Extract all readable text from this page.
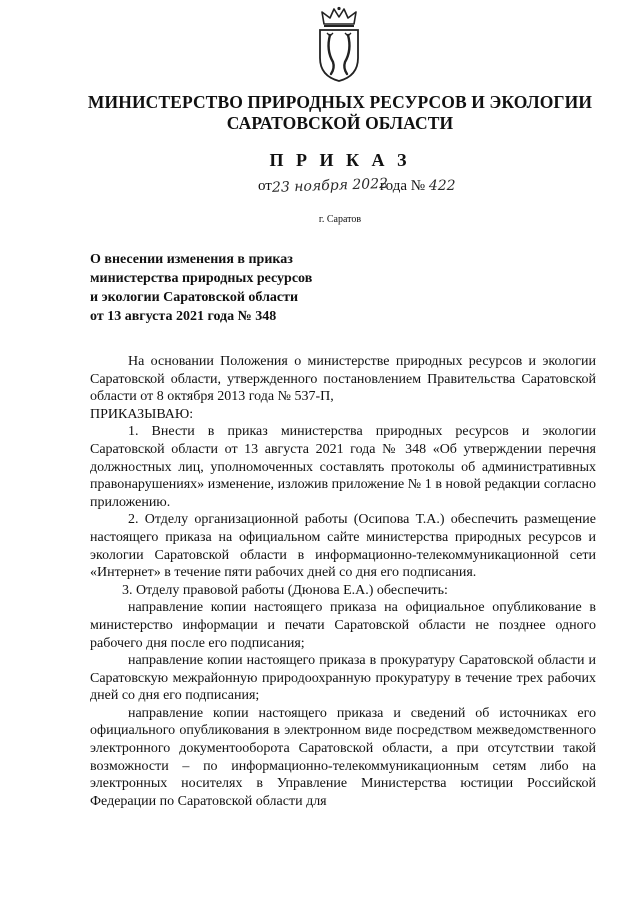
МИНИСТЕРСТВО ПРИРОДНЫХ РЕСУРСОВ И ЭКОЛОГИИ
САРАТОВСКОЙ ОБЛАСТИ
П Р И К А З
от23 ноября 2022года № 422
г. Саратов
О внесении изменения в приказ
министерства природных ресурсов
и экологии Саратовской области
от 13 августа 2021 года № 348

На основании Положения о министерстве природных ресурсов и экологии Саратовской области, утвержденного постановлением Правительства Саратовской области от 8 октября 2013 года № 537-П,

ПРИКАЗЫВАЮ:

1. Внести в приказ министерства природных ресурсов и экологии Саратовской области от 13 августа 2021 года № 348 «Об утверждении перечня должностных лиц, уполномоченных составлять протоколы об административных правонарушениях» изменение, изложив приложение № 1 в новой редакции согласно приложению.

2. Отделу организационной работы (Осипова Т.А.) обеспечить размещение настоящего приказа на официальном сайте министерства природных ресурсов и экологии Саратовской области в информационно-телекоммуникационной сети «Интернет» в течение пяти рабочих дней со дня его подписания.

3. Отделу правовой работы (Дюнова Е.А.) обеспечить:

направление копии настоящего приказа на официальное опубликование в министерство информации и печати Саратовской области не позднее одного рабочего дня после его подписания;

направление копии настоящего приказа в прокуратуру Саратовской области и Саратовскую межрайонную природоохранную прокуратуру в течение трех рабочих дней со дня его подписания;

направление копии настоящего приказа и сведений об источниках его официального опубликования в электронном виде посредством межведомственного электронного документооборота Саратовской области, а при отсутствии такой возможности – по информационно-телекоммуникационным сетям либо на электронных носителях в Управление Министерства юстиции Российской Федерации по Саратовской области для
